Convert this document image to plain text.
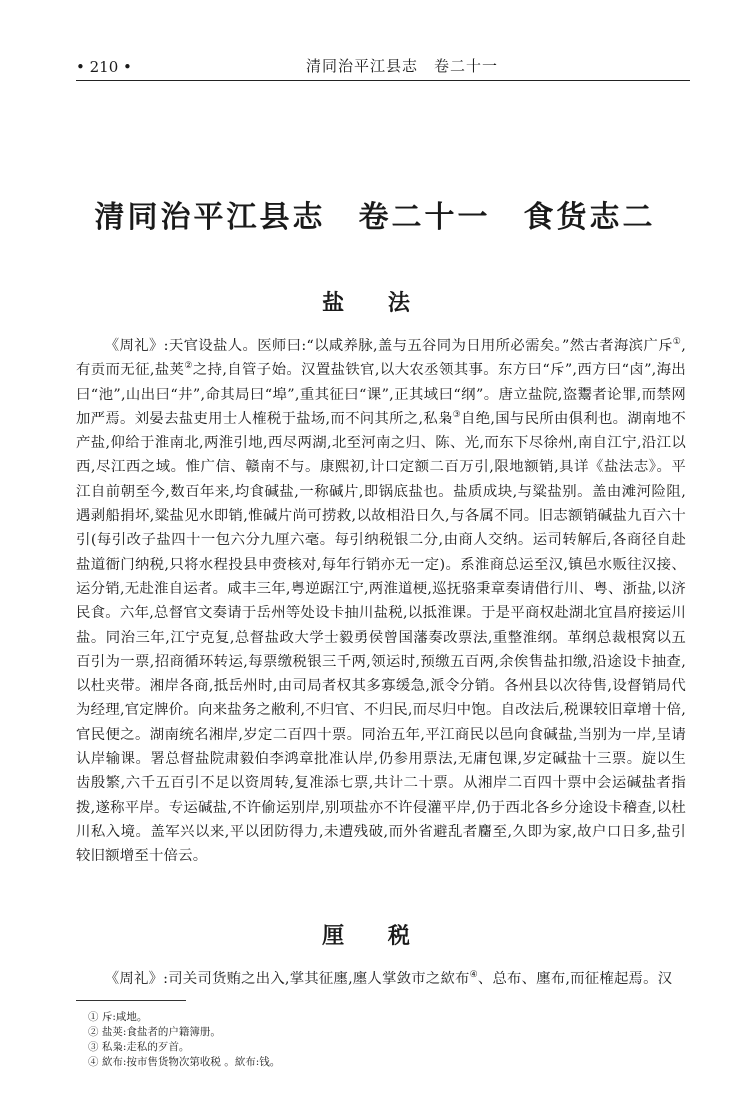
• 210 •	清同治平江县志　卷二十一
清同治平江县志　卷二十一　食货志二
盐 法

《周礼》:天官设盐人。医师曰:“以咸养脉,盖与五谷同为日用所必需矣。”然古者海滨广斥①,有贡而无征,盐荚②之持,自管子始。汉置盐铁官,以大农丞领其事。东方曰“斥”,西方曰“卤”,海出曰“池”,山出曰“井”,命其局曰“埠”,重其征曰“课”,正其域曰“纲”。唐立盐院,盗鬻者论罪,而禁网加严焉。刘晏去盐吏用士人榷税于盐场,而不问其所之,私枭③自绝,国与民所由俱利也。湖南地不产盐,仰给于淮南北,两淮引地,西尽两湖,北至河南之归、陈、光,而东下尽徐州,南自江宁,沿江以西,尽江西之域。惟广信、赣南不与。康熙初,计口定额二百万引,限地额销,具详《盐法志》。平江自前朝至今,数百年来,均食碱盐,一称碱片,即锅底盐也。盐质成块,与粱盐别。盖由滩河险阻,遇剥船捐坏,粱盐见水即销,惟碱片尚可捞救,以故相沿日久,与各属不同。旧志额销碱盐九百六十引(每引改子盐四十一包六分九厘六毫。每引纳税银二分,由商人交纳。运司转解后,各商径自赴盐道衙门纳税,只将水程投县申赍核对,每年行销亦无一定)。系淮商总运至汉,镇邑水贩往汉接、运分销,无赴淮自运者。咸丰三年,粤逆踞江宁,两淮道梗,巡抚骆秉章奏请借行川、粤、浙盐,以济民食。六年,总督官文奏请于岳州等处设卡抽川盐税,以抵淮课。于是平商权赴湖北宜昌府接运川盐。同治三年,江宁克复,总督盐政大学士毅勇侯曾国藩奏改票法,重整淮纲。革纲总裁根窝以五百引为一票,招商循环转运,每票缴税银三千两,领运时,预缴五百两,余俟售盐扣缴,沿途设卡抽查,以杜夹带。湘岸各商,抵岳州时,由司局者权其多寡缓急,派令分销。各州县以次待售,设督销局代为经理,官定牌价。向来盐务之敝利,不归官、不归民,而尽归中饱。自改法后,税课较旧章增十倍,官民便之。湖南统名湘岸,岁定二百四十票。同治五年,平江商民以邑向食碱盐,当别为一岸,呈请认岸输课。署总督盐院肃毅伯李鸿章批准认岸,仍参用票法,无庸包课,岁定碱盐十三票。旋以生齿殷繁,六千五百引不足以资周转,复准添七票,共计二十票。从湘岸二百四十票中会运碱盐者指拨,遂称平岸。专运碱盐,不许偷运别岸,别项盐亦不许侵灌平岸,仍于西北各乡分途设卡稽查,以杜川私入境。盖军兴以来,平以团防得力,未遭残破,而外省避乱者麕至,久即为家,故户口日多,盐引较旧额增至十倍云。

厘 税

《周礼》:司关司货贿之出入,掌其征廛,廛人掌敛市之絘布④、总布、廛布,而征榷起焉。汉

① 斥:咸地。
② 盐荚:食盐者的户籍簿册。
③ 私枭:走私的歹首。
④ 絘布:按市售货物次第收税 。絘布:钱。
